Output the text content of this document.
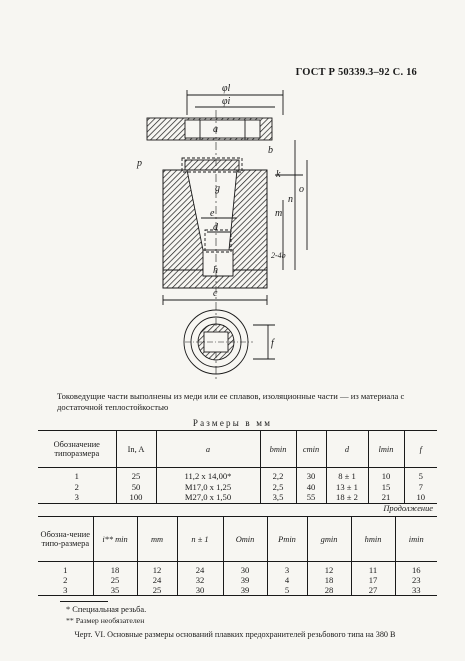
ГОСТ Р 50339.3–92 С. 16
φl
φi
a
b
p
g
e
d
m
n
o
k
h
c
f
2-4b
Токоведущие части выполнены из меди или ее сплавов, изоляционные части — из материала с достаточной теплостойкостью
Размеры в мм
Обозначение типоразмера	In, A	a	bmin	cmin	d	lmin	f
1	25	11,2 х 14,00*	2,2	30	8 ± 1	10	5
2	50	М17,0 х 1,25	2,5	40	13 ± 1	15	7
3	100	М27,0 х 1,50	3,5	55	18 ± 2	21	10
Продолжение
Обозна-чение типо-размера	i** min	mm	n ± 1	Omin	Pmin	gmin	hmin	imin
1	18	12	24	30	3	12	11	16
2	25	24	32	39	4	18	17	23
3	35	25	30	39	5	28	27	33
* Специальная резьба.
** Размер необязателен
Черт. VI. Основные размеры оснований плавких предохранителей резьбового типа на 380 В
